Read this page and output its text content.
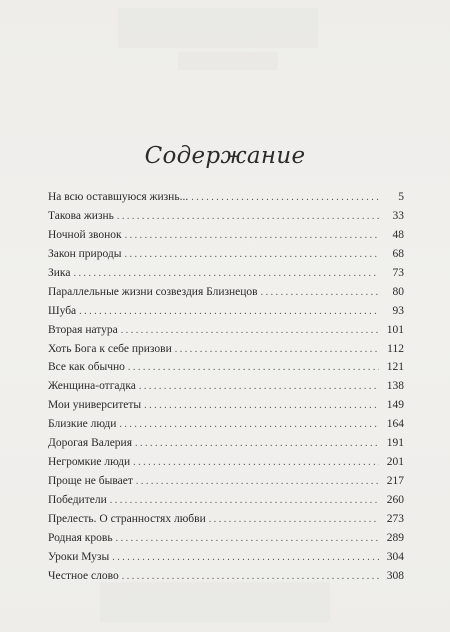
Содержание
На всю оставшуюся жизнь... . . .	5
Такова жизнь . . .	33
Ночной звонок . . .	48
Закон природы . . .	68
Зика . . .	73
Параллельные жизни созвездия Близнецов . . .	80
Шуба . . .	93
Вторая натура . . .	101
Хоть Бога к себе призови . . .	112
Все как обычно . . .	121
Женщина-отгадка . . .	138
Мои университеты . . .	149
Близкие люди . . .	164
Дорогая Валерия . . .	191
Негромкие люди . . .	201
Проще не бывает . . .	217
Победители . . .	260
Прелесть. О странностях любви . . .	273
Родная кровь . . .	289
Уроки Музы . . .	304
Честное слово . . .	308
